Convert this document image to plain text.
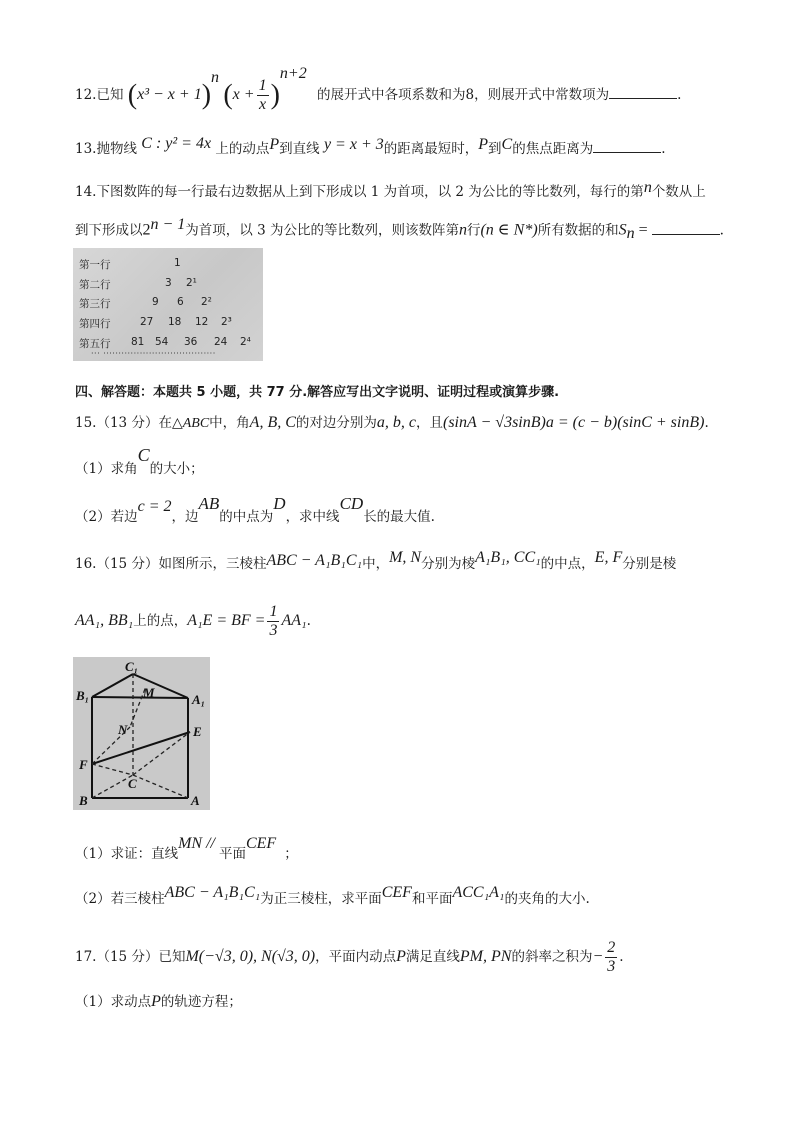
12.已知 $(x^3 - x + 1)^n$ $(x + \frac{1}{x} )^{n+2}$ 的展开式中各项系数和为8，则展开式中常数项为	.
13.抛物线 C : y² = 4x 上的动点P到直线 y = x + 3的距离最短时，P到C的焦点距离为	.
14.下图数阵的每一行最右边数据从上到下形成以 1 为首项，以 2 为公比的等比数列，每行的第n个数从上
到下形成以$2^{n - 1}$为首项，以 3 为公比的等比数列，则该数阵第n行(n ∈ N*)所有数据的和$S_n$ =	.
第一行	1
第二行	3 2¹
第三行	9 6 2²
第四行	27 18 12 2³
第五行 81 54 36 24 2⁴
··· ·····································
四、解答题：本题共 5 小题，共 77 分.解答应写出文字说明、证明过程或演算步骤.
15.（13 分）在△ABC中，角A, B, C的对边分别为a, b, c，且(sinA − √3sinB)a = (c − b)(sinC + sinB).
（1）求角C的大小；
（2）若边c = 2，边AB的中点为D，求中线CD长的最大值.
16.（15 分）如图所示，三棱柱ABC − A₁B₁C₁中，M, N分别为棱A₁B₁, CC₁的中点，E, F分别是棱
AA₁, BB₁上的点，A₁E = BF = $\frac{1}{3} AA_1$.
C₁
B₁	A₁
M
N	E
F
C
B	A
（1）求证：直线MN //平面CEF；
（2）若三棱柱ABC − A₁B₁C₁为正三棱柱，求平面CEF和平面ACC₁A₁的夹角的大小.
17.（15 分）已知M(−√3, 0), N(√3, 0)，平面内动点P满足直线PM, PN的斜率之积为− $\frac{2}{3}$ .
（1）求动点P的轨迹方程；
